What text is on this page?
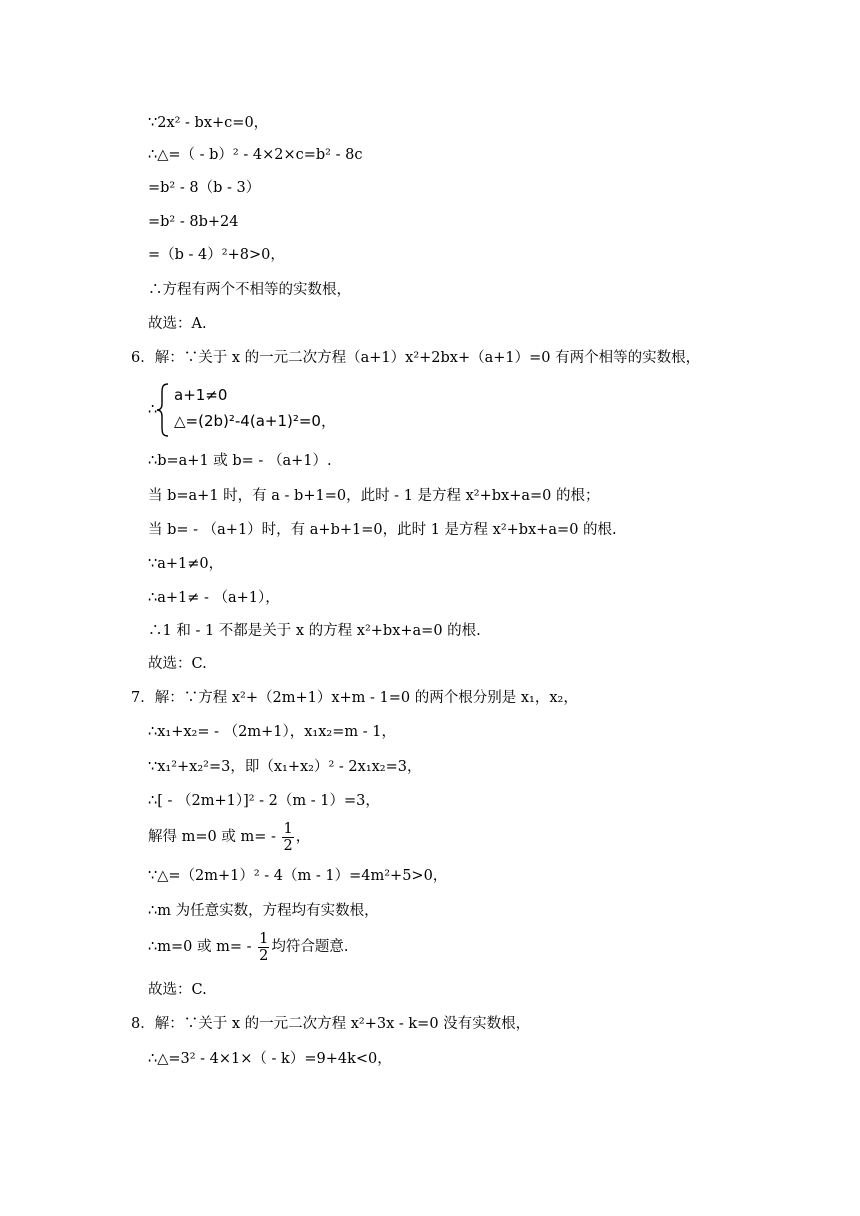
∵2x² - bx+c=0，
∴△=（ - b）² - 4×2×c=b² - 8c
=b² - 8（b - 3）
=b² - 8b+24
=（b - 4）²+8>0，
∴方程有两个不相等的实数根，
故选：A.
6．解：∵关于 x 的一元二次方程（a+1）x²+2bx+（a+1）=0 有两个相等的实数根，
∴
a+1≠0
△=(2b)²-4(a+1)²=0，
∴b=a+1 或 b= - （a+1）.
当 b=a+1 时，有 a - b+1=0，此时 - 1 是方程 x²+bx+a=0 的根；
当 b= - （a+1）时，有 a+b+1=0，此时 1 是方程 x²+bx+a=0 的根.
∵a+1≠0，
∴a+1≠ - （a+1），
∴1 和 - 1 不都是关于 x 的方程 x²+bx+a=0 的根.
故选：C.
7．解：∵方程 x²+（2m+1）x+m - 1=0 的两个根分别是 x₁，x₂，
∴x₁+x₂= - （2m+1），x₁x₂=m - 1，
∵x₁²+x₂²=3，即（x₁+x₂）² - 2x₁x₂=3，
∴[ - （2m+1）]² - 2（m - 1）=3，
解得 m=0 或 $m= - \frac{1}{2}$ ，
∵△=（2m+1）² - 4（m - 1）=4m²+5>0，
∴m 为任意实数，方程均有实数根，
∴m=0 或 $m= - \frac{1}{2}$ 均符合题意.
故选：C.
8．解：∵关于 x 的一元二次方程 x²+3x - k=0 没有实数根，
∴△=3² - 4×1×（ - k）=9+4k<0，
